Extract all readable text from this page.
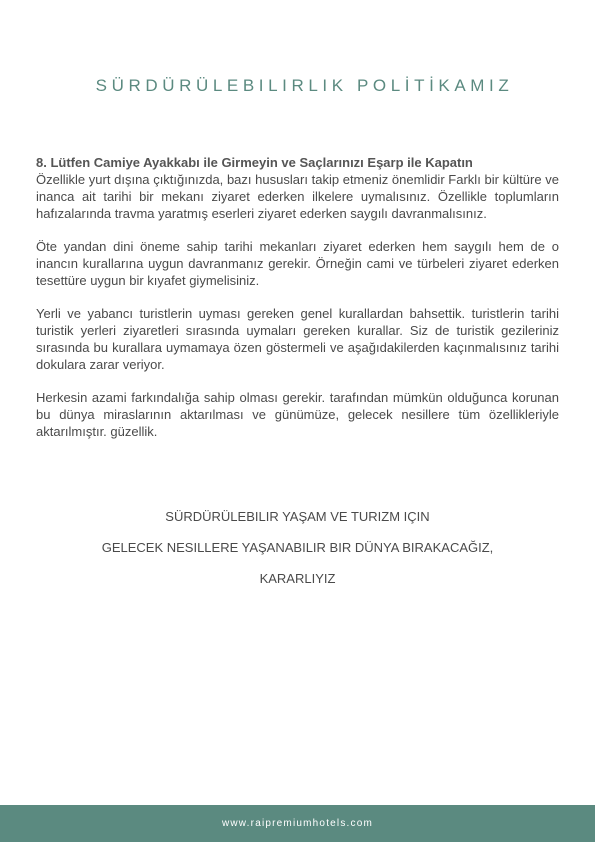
SÜRDÜRÜLEBILIRLIK POLİTİKAMIZ
8. Lütfen Camiye Ayakkabı ile Girmeyin ve Saçlarınızı Eşarp ile Kapatın

Özellikle yurt dışına çıktığınızda, bazı hususları takip etmeniz önemlidir Farklı bir kültüre ve inanca ait tarihi bir mekanı ziyaret ederken ilkelere uymalısınız. Özellikle toplumların hafızalarında travma yaratmış eserleri ziyaret ederken saygılı davranmalısınız.

Öte yandan dini öneme sahip tarihi mekanları ziyaret ederken hem saygılı hem de o inancın kurallarına uygun davranmanız gerekir. Örneğin cami ve türbeleri ziyaret ederken tesettüre uygun bir kıyafet giymelisiniz.

Yerli ve yabancı turistlerin uyması gereken genel kurallardan bahsettik. turistlerin tarihi turistik yerleri ziyaretleri sırasında uymaları gereken kurallar. Siz de turistik gezileriniz sırasında bu kurallara uymamaya özen göstermeli ve aşağıdakilerden kaçınmalısınız tarihi dokulara zarar veriyor.

Herkesin azami farkındalığa sahip olması gerekir. tarafından mümkün olduğunca korunan bu dünya miraslarının aktarılması ve günümüze, gelecek nesillere tüm özellikleriyle aktarılmıştır. güzellik.

SÜRDÜRÜLEBILIR YAŞAM VE TURIZM IÇIN
GELECEK NESILLERE YAŞANABILIR BIR DÜNYA BIRAKACAĞIZ,
KARARLIYIZ
www.raipremiumhotels.com
